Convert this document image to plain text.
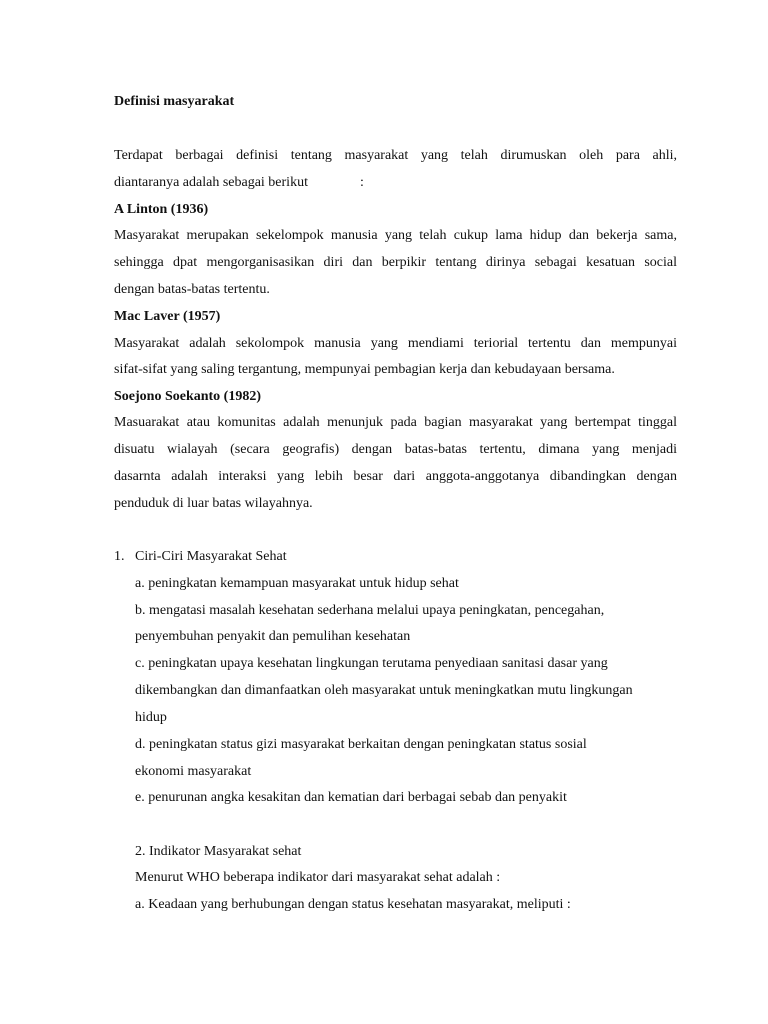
Definisi masyarakat
Terdapat berbagai definisi tentang masyarakat yang telah dirumuskan oleh para ahli,
diantaranya adalah sebagai berikut	:
A Linton (1936)
Masyarakat merupakan sekelompok manusia yang telah cukup lama hidup dan bekerja sama,
sehingga dpat mengorganisasikan diri dan berpikir tentang dirinya sebagai kesatuan social
dengan batas-batas tertentu.
Mac Laver (1957)
Masyarakat adalah sekolompok manusia yang mendiami teriorial tertentu dan mempunyai
sifat-sifat yang saling tergantung, mempunyai pembagian kerja dan kebudayaan bersama.
Soejono Soekanto (1982)
Masuarakat atau komunitas adalah menunjuk pada bagian masyarakat yang bertempat tinggal
disuatu wialayah (secara geografis) dengan batas-batas tertentu, dimana yang menjadi
dasarnta adalah interaksi yang lebih besar dari anggota-anggotanya dibandingkan dengan
penduduk di luar batas wilayahnya.
1. Ciri-Ciri Masyarakat Sehat
a. peningkatan kemampuan masyarakat untuk hidup sehat
b. mengatasi masalah kesehatan sederhana melalui upaya peningkatan, pencegahan,
penyembuhan penyakit dan pemulihan kesehatan
c. peningkatan upaya kesehatan lingkungan terutama penyediaan sanitasi dasar yang
dikembangkan dan dimanfaatkan oleh masyarakat untuk meningkatkan mutu lingkungan
hidup
d. peningkatan status gizi masyarakat berkaitan dengan peningkatan status sosial
ekonomi masyarakat
e. penurunan angka kesakitan dan kematian dari berbagai sebab dan penyakit
2. Indikator Masyarakat sehat
Menurut WHO beberapa indikator dari masyarakat sehat adalah :
a. Keadaan yang berhubungan dengan status kesehatan masyarakat, meliputi :
